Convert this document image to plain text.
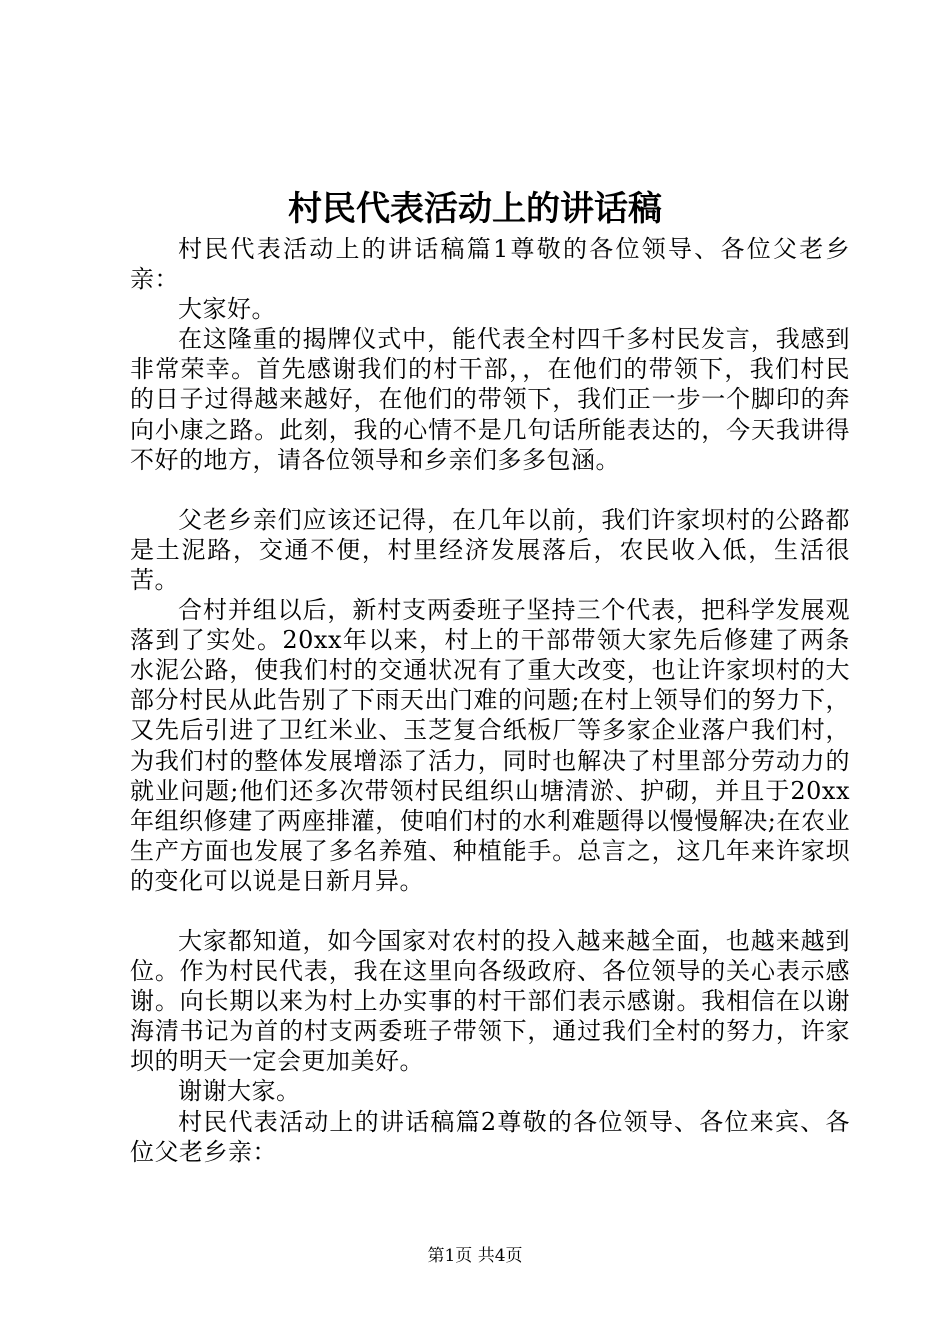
村民代表活动上的讲话稿

村民代表活动上的讲话稿篇1尊敬的各位领导、各位父老乡亲：

大家好。

在这隆重的揭牌仪式中，能代表全村四千多村民发言，我感到非常荣幸。首先感谢我们的村干部，，在他们的带领下，我们村民的日子过得越来越好，在他们的带领下，我们正一步一个脚印的奔向小康之路。此刻，我的心情不是几句话所能表达的，今天我讲得不好的地方，请各位领导和乡亲们多多包涵。

父老乡亲们应该还记得，在几年以前，我们许家坝村的公路都是土泥路，交通不便，村里经济发展落后，农民收入低，生活很苦。

合村并组以后，新村支两委班子坚持三个代表，把科学发展观落到了实处。20xx年以来，村上的干部带领大家先后修建了两条水泥公路，使我们村的交通状况有了重大改变，也让许家坝村的大部分村民从此告别了下雨天出门难的问题;在村上领导们的努力下，又先后引进了卫红米业、玉芝复合纸板厂等多家企业落户我们村，为我们村的整体发展增添了活力，同时也解决了村里部分劳动力的就业问题;他们还多次带领村民组织山塘清淤、护砌，并且于20xx年组织修建了两座排灌，使咱们村的水利难题得以慢慢解决;在农业生产方面也发展了多名养殖、种植能手。总言之，这几年来许家坝的变化可以说是日新月异。

大家都知道，如今国家对农村的投入越来越全面，也越来越到位。作为村民代表，我在这里向各级政府、各位领导的关心表示感谢。向长期以来为村上办实事的村干部们表示感谢。我相信在以谢海清书记为首的村支两委班子带领下，通过我们全村的努力，许家坝的明天一定会更加美好。

谢谢大家。

村民代表活动上的讲话稿篇2尊敬的各位领导、各位来宾、各位父老乡亲：

第1页 共4页
